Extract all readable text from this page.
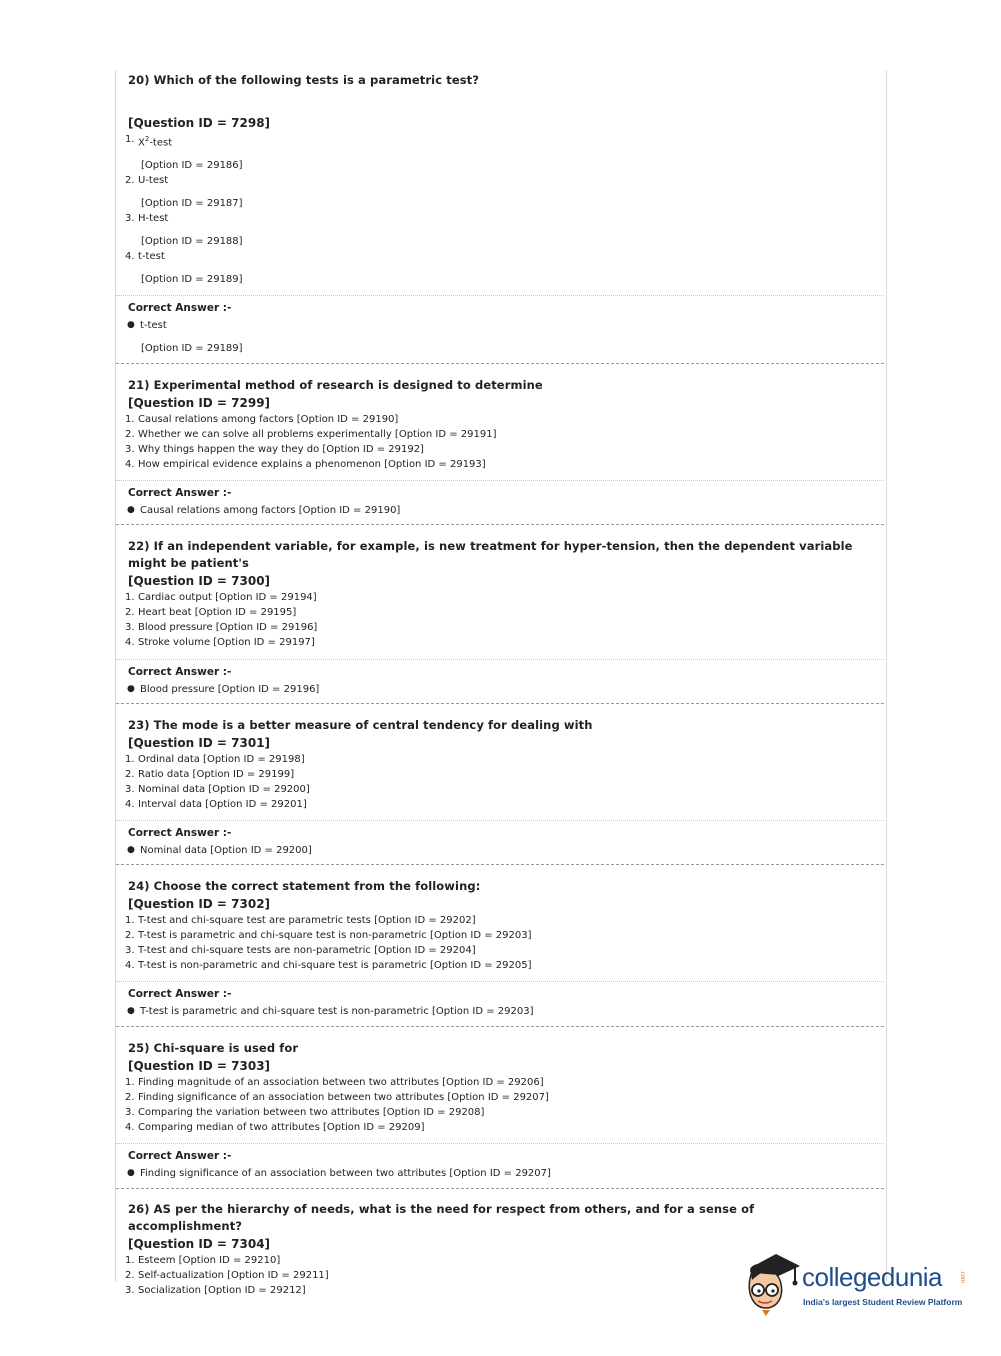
20) Which of the following tests is a parametric test?
[Question ID = 7298]
1. $X^2$-test
[Option ID = 29186]
2. U-test
[Option ID = 29187]
3. H-test
[Option ID = 29188]
4. t-test
[Option ID = 29189]
Correct Answer :-
● t-test
[Option ID = 29189]
21) Experimental method of research is designed to determine
[Question ID = 7299]
1. Causal relations among factors [Option ID = 29190]
2. Whether we can solve all problems experimentally [Option ID = 29191]
3. Why things happen the way they do [Option ID = 29192]
4. How empirical evidence explains a phenomenon [Option ID = 29193]
Correct Answer :-
● Causal relations among factors [Option ID = 29190]
22) If an independent variable, for example, is new treatment for hyper-tension, then the dependent variable might be patient's
[Question ID = 7300]
1. Cardiac output [Option ID = 29194]
2. Heart beat [Option ID = 29195]
3. Blood pressure [Option ID = 29196]
4. Stroke volume [Option ID = 29197]
Correct Answer :-
● Blood pressure [Option ID = 29196]
23) The mode is a better measure of central tendency for dealing with
[Question ID = 7301]
1. Ordinal data [Option ID = 29198]
2. Ratio data [Option ID = 29199]
3. Nominal data [Option ID = 29200]
4. Interval data [Option ID = 29201]
Correct Answer :-
● Nominal data [Option ID = 29200]
24) Choose the correct statement from the following:
[Question ID = 7302]
1. T-test and chi-square test are parametric tests [Option ID = 29202]
2. T-test is parametric and chi-square test is non-parametric [Option ID = 29203]
3. T-test and chi-square tests are non-parametric [Option ID = 29204]
4. T-test is non-parametric and chi-square test is parametric [Option ID = 29205]
Correct Answer :-
● T-test is parametric and chi-square test is non-parametric [Option ID = 29203]
25) Chi-square is used for
[Question ID = 7303]
1. Finding magnitude of an association between two attributes [Option ID = 29206]
2. Finding significance of an association between two attributes [Option ID = 29207]
3. Comparing the variation between two attributes [Option ID = 29208]
4. Comparing median of two attributes [Option ID = 29209]
Correct Answer :-
● Finding significance of an association between two attributes [Option ID = 29207]
26) AS per the hierarchy of needs, what is the need for respect from others, and for a sense of accomplishment?
[Question ID = 7304]
1. Esteem [Option ID = 29210]
2. Self-actualization [Option ID = 29211]
3. Socialization [Option ID = 29212]	collegedunia	.com
India's largest Student Review Platform
